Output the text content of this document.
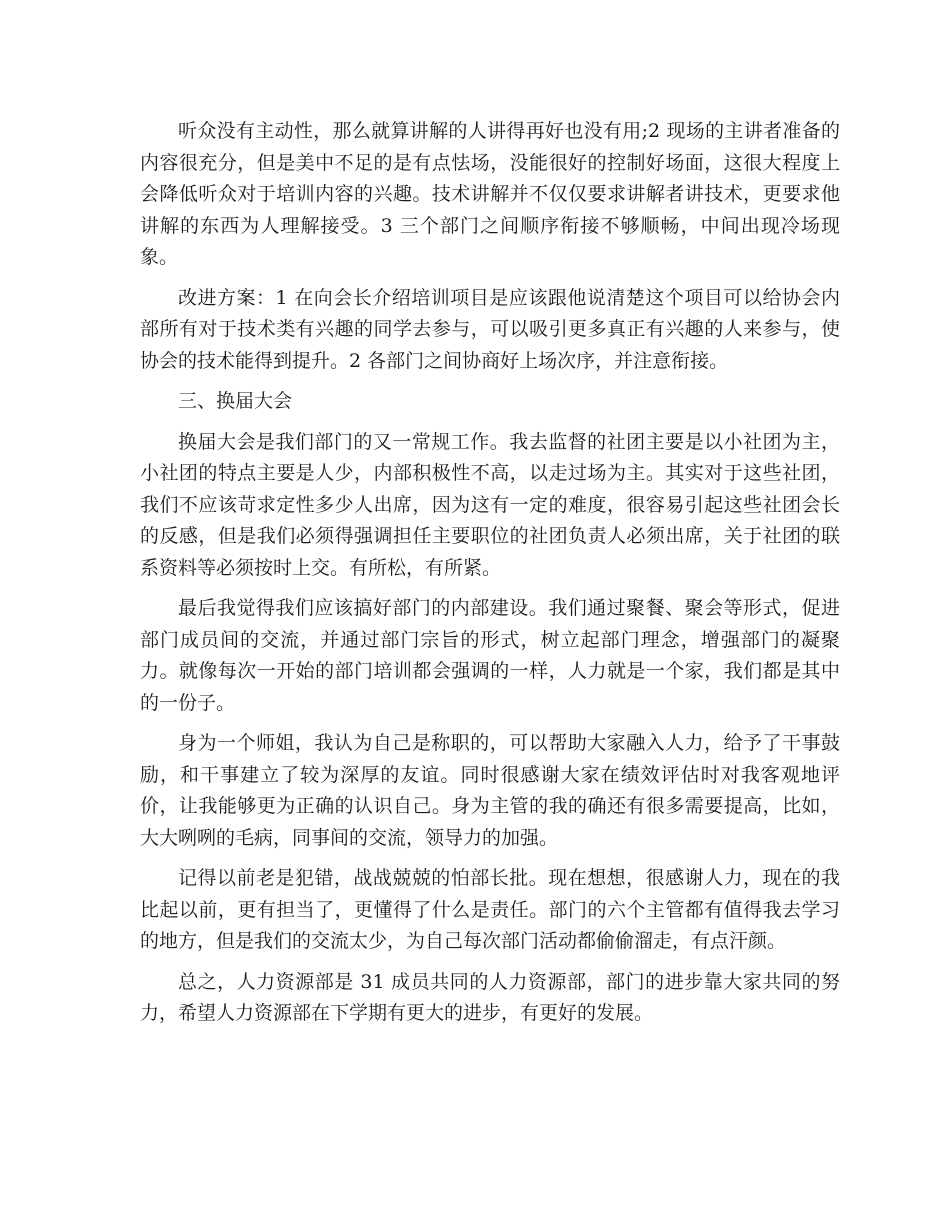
听众没有主动性，那么就算讲解的人讲得再好也没有用;2 现场的主讲者准备的内容很充分，但是美中不足的是有点怯场，没能很好的控制好场面，这很大程度上会降低听众对于培训内容的兴趣。技术讲解并不仅仅要求讲解者讲技术，更要求他讲解的东西为人理解接受。3 三个部门之间顺序衔接不够顺畅，中间出现冷场现象。

改进方案：1 在向会长介绍培训项目是应该跟他说清楚这个项目可以给协会内部所有对于技术类有兴趣的同学去参与，可以吸引更多真正有兴趣的人来参与，使协会的技术能得到提升。2 各部门之间协商好上场次序，并注意衔接。

三、换届大会

换届大会是我们部门的又一常规工作。我去监督的社团主要是以小社团为主，小社团的特点主要是人少，内部积极性不高，以走过场为主。其实对于这些社团，我们不应该苛求定性多少人出席，因为这有一定的难度，很容易引起这些社团会长的反感，但是我们必须得强调担任主要职位的社团负责人必须出席，关于社团的联系资料等必须按时上交。有所松，有所紧。

最后我觉得我们应该搞好部门的内部建设。我们通过聚餐、聚会等形式，促进部门成员间的交流，并通过部门宗旨的形式，树立起部门理念，增强部门的凝聚力。就像每次一开始的部门培训都会强调的一样，人力就是一个家，我们都是其中的一份子。

身为一个师姐，我认为自己是称职的，可以帮助大家融入人力，给予了干事鼓励，和干事建立了较为深厚的友谊。同时很感谢大家在绩效评估时对我客观地评价，让我能够更为正确的认识自己。身为主管的我的确还有很多需要提高，比如，大大咧咧的毛病，同事间的交流，领导力的加强。

记得以前老是犯错，战战兢兢的怕部长批。现在想想，很感谢人力，现在的我比起以前，更有担当了，更懂得了什么是责任。部门的六个主管都有值得我去学习的地方，但是我们的交流太少，为自己每次部门活动都偷偷溜走，有点汗颜。

总之，人力资源部是 31 成员共同的人力资源部，部门的进步靠大家共同的努力，希望人力资源部在下学期有更大的进步，有更好的发展。
